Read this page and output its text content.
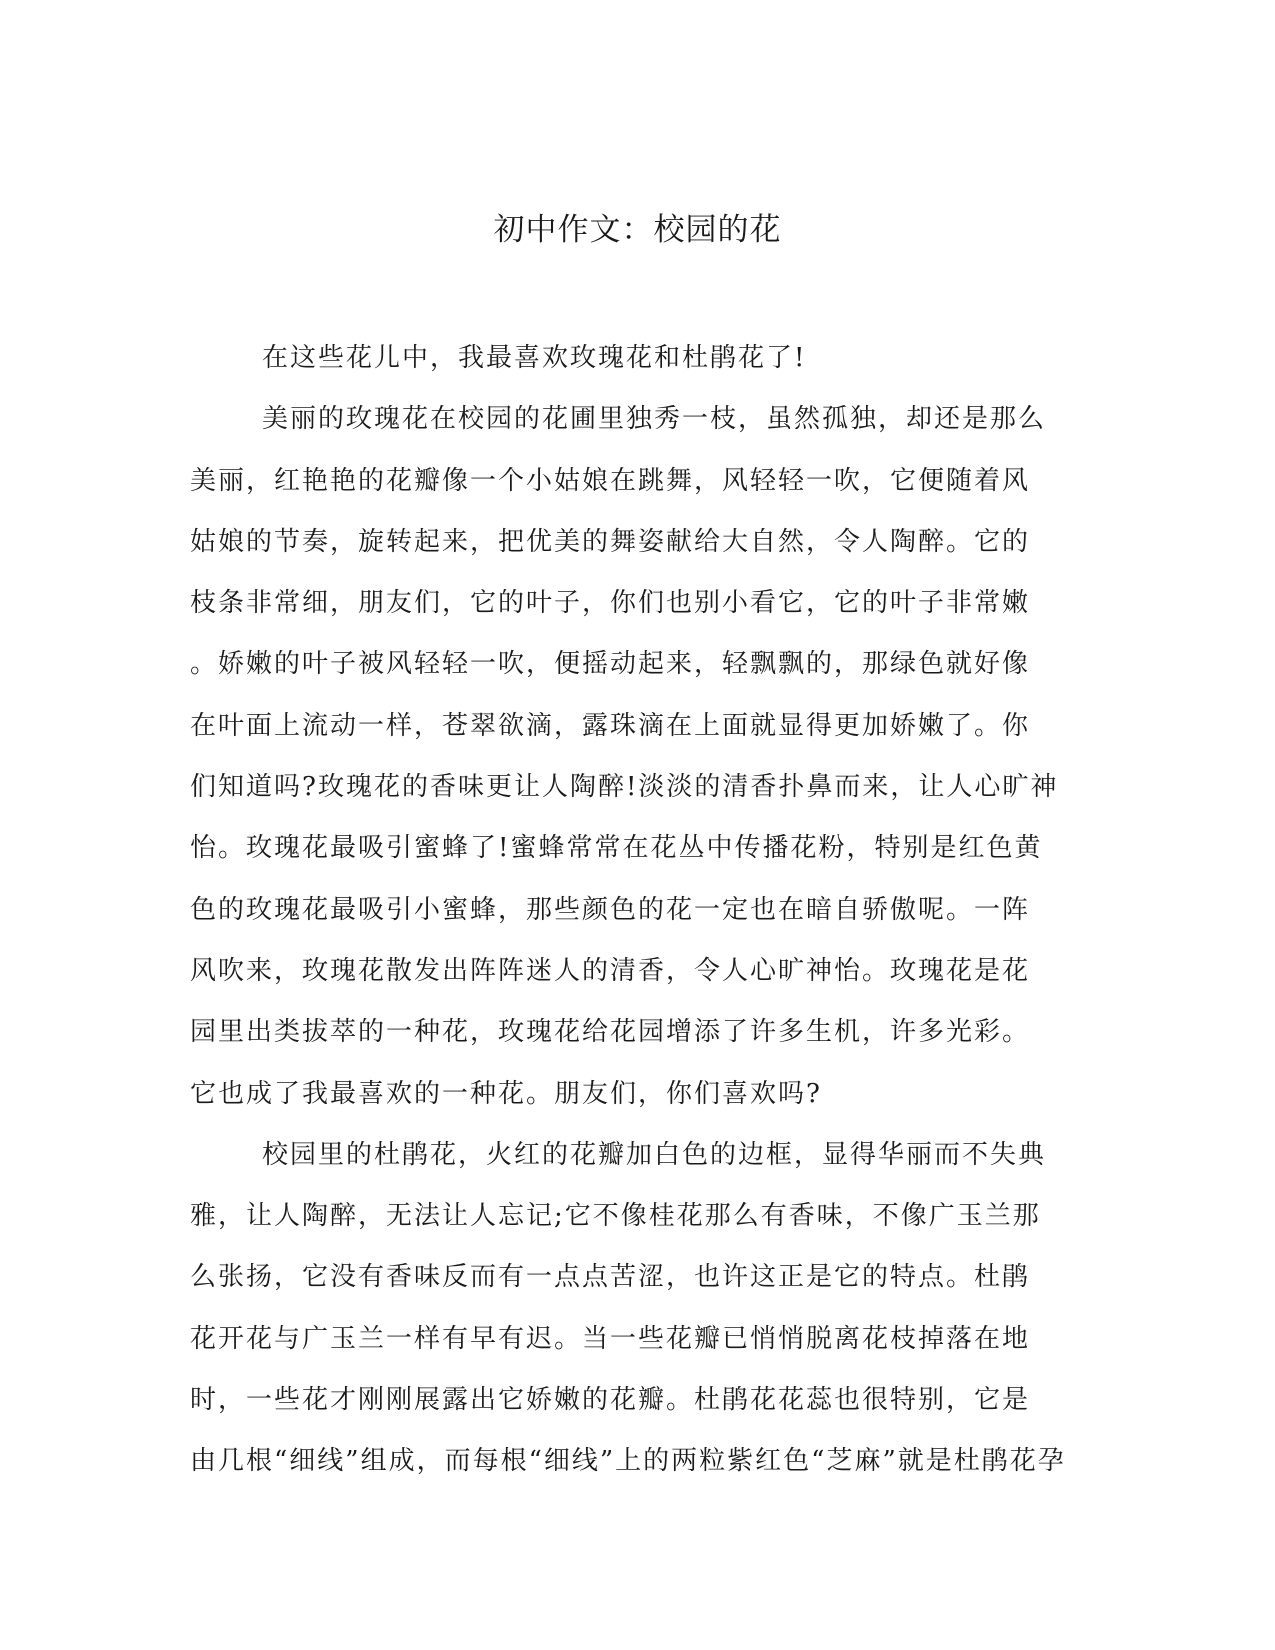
初中作文：校园的花
在这些花儿中，我最喜欢玫瑰花和杜鹃花了!
美丽的玫瑰花在校园的花圃里独秀一枝，虽然孤独，却还是那么
美丽，红艳艳的花瓣像一个小姑娘在跳舞，风轻轻一吹，它便随着风
姑娘的节奏，旋转起来，把优美的舞姿献给大自然，令人陶醉。它的
枝条非常细，朋友们，它的叶子，你们也别小看它，它的叶子非常嫩
。娇嫩的叶子被风轻轻一吹，便摇动起来，轻飘飘的，那绿色就好像
在叶面上流动一样，苍翠欲滴，露珠滴在上面就显得更加娇嫩了。你
们知道吗?玫瑰花的香味更让人陶醉!淡淡的清香扑鼻而来，让人心旷神
怡。玫瑰花最吸引蜜蜂了!蜜蜂常常在花丛中传播花粉，特别是红色黄
色的玫瑰花最吸引小蜜蜂，那些颜色的花一定也在暗自骄傲呢。一阵
风吹来，玫瑰花散发出阵阵迷人的清香，令人心旷神怡。玫瑰花是花
园里出类拔萃的一种花，玫瑰花给花园增添了许多生机，许多光彩。
它也成了我最喜欢的一种花。朋友们，你们喜欢吗?
校园里的杜鹃花，火红的花瓣加白色的边框，显得华丽而不失典
雅，让人陶醉，无法让人忘记;它不像桂花那么有香味，不像广玉兰那
么张扬，它没有香味反而有一点点苦涩，也许这正是它的特点。杜鹃
花开花与广玉兰一样有早有迟。当一些花瓣已悄悄脱离花枝掉落在地
时，一些花才刚刚展露出它娇嫩的花瓣。杜鹃花花蕊也很特别，它是
由几根“细线”组成，而每根“细线”上的两粒紫红色“芝麻”就是杜鹃花孕
